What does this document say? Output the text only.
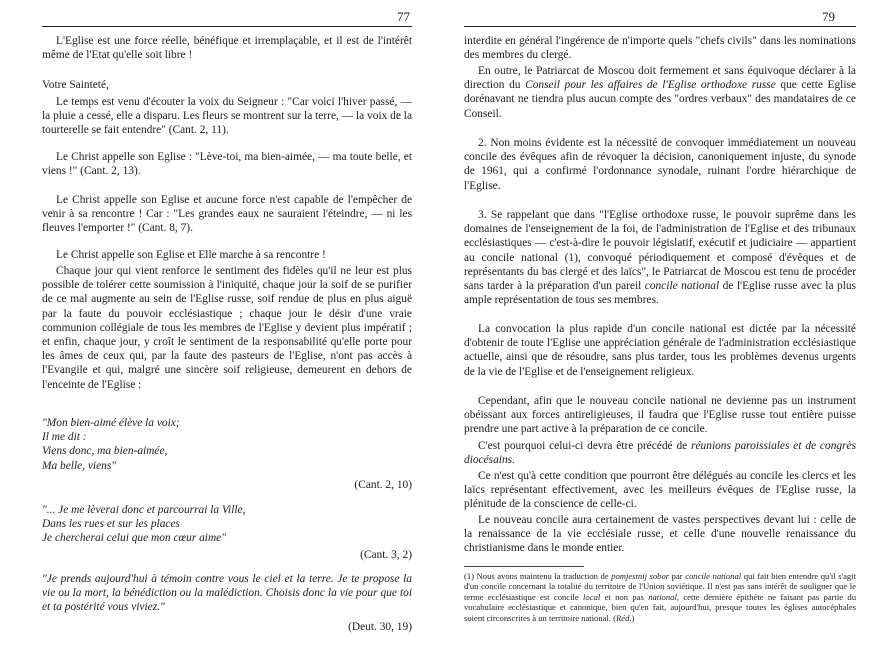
77

L'Eglise est une force réelle, bénéfique et irremplaçable, et il est de l'intérêt même de l'Etat qu'elle soit libre !

Votre Sainteté,

Le temps est venu d'écouter la voix du Seigneur : "Car voici l'hiver passé, — la pluie a cessé, elle a disparu. Les fleurs se montrent sur la terre, — la voix de la tourterelle se fait entendre" (Cant. 2, 11).

Le Christ appelle son Eglise : "Lève-toi, ma bien-aimée, — ma toute belle, et viens !" (Cant. 2, 13).

Le Christ appelle son Eglise et aucune force n'est capable de l'empêcher de venir à sa rencontre ! Car : "Les grandes eaux ne sauraient l'éteindre, — ni les fleuves l'emporter !" (Cant. 8, 7).

Le Christ appelle son Eglise et Elle marche à sa rencontre !

Chaque jour qui vient renforce le sentiment des fidèles qu'il ne leur est plus possible de tolérer cette soumission à l'iniquité, chaque jour la soif de se purifier de ce mal augmente au sein de l'Eglise russe, soif rendue de plus en plus aiguë par la faute du pouvoir ecclésiastique ; chaque jour le désir d'une vraie communion collégiale de tous les membres de l'Eglise y devient plus impératif ; et enfin, chaque jour, y croît le sentiment de la responsabilité qu'elle porte pour les âmes de ceux qui, par la faute des pasteurs de l'Eglise, n'ont pas accès à l'Evangile et qui, malgré une sincère soif religieuse, demeurent en dehors de l'enceinte de l'Eglise :

"Mon bien-aimé élève la voix;
Il me dit :
Viens donc, ma bien-aimée,
Ma belle, viens"
(Cant. 2, 10)
"... Je me lèverai donc et parcourrai la Ville,
Dans les rues et sur les places
Je chercherai celui que mon cœur aime"
(Cant. 3, 2)

"Je prends aujourd'hui à témoin contre vous le ciel et la terre. Je te propose la vie ou la mort, la bénédiction ou la malédiction. Choisis donc la vie pour que toi et ta postérité vous viviez."

(Deut. 30, 19)
79

interdite en général l'ingérence de n'importe quels "chefs civils" dans les nominations des membres du clergé.

En outre, le Patriarcat de Moscou doit fermement et sans équivoque déclarer à la direction du Conseil pour les affaires de l'Eglise orthodoxe russe que cette Eglise dorénavant ne tiendra plus aucun compte des "ordres verbaux" des mandataires de ce Conseil.

2. Non moins évidente est la nécessité de convoquer immédiatement un nouveau concile des évêques afin de révoquer la décision, canoniquement injuste, du synode de 1961, qui a confirmé l'ordonnance synodale, ruinant l'ordre hiérarchique de l'Eglise.

3. Se rappelant que dans "l'Eglise orthodoxe russe, le pouvoir suprême dans les domaines de l'enseignement de la foi, de l'administration de l'Eglise et des tribunaux ecclésiastiques — c'est-à-dire le pouvoir législatif, exécutif et judiciaire — appartient au concile national (1), convoqué périodiquement et composé d'évêques et de représentants du bas clergé et des laïcs", le Patriarcat de Moscou est tenu de procéder sans tarder à la préparation d'un pareil concile national de l'Eglise russe avec la plus ample représentation de tous ses membres.

La convocation la plus rapide d'un concile national est dictée par la nécessité d'obtenir de toute l'Eglise une appréciation générale de l'administration ecclésiastique actuelle, ainsi que de résoudre, sans plus tarder, tous les problèmes devenus urgents de la vie de l'Eglise et de l'enseignement religieux.

Cependant, afin que le nouveau concile national ne devienne pas un instrument obéissant aux forces antireligieuses, il faudra que l'Eglise russe tout entière puisse prendre une part active à la préparation de ce concile.

C'est pourquoi celui-ci devra être précédé de réunions paroissiales et de congrès diocésains.

Ce n'est qu'à cette condition que pourront être délégués au concile les clercs et les laïcs représentant effectivement, avec les meilleurs évêques de l'Eglise russe, la plénitude de la conscience de celle-ci.

Le nouveau concile aura certainement de vastes perspectives devant lui : celle de la renaissance de la vie ecclésiale russe, et celle d'une nouvelle renaissance du christianisme dans le monde entier.

(1) Nous avons maintenu la traduction de pomjestnij sobor par concile national qui fait bien entendre qu'il s'agit d'un concile concernant la totalité du territoire de l'Union soviétique. Il n'est pas sans intérêt de souligner que le terme ecclésiastique est concile local et non pas national, cette dernière épithète ne faisant pas partie du vocabulaire ecclésiastique et canonique, bien qu'en fait, aujourd'hui, presque toutes les églises autocéphales soient circonscrites à un territoire national. (Réd.)
